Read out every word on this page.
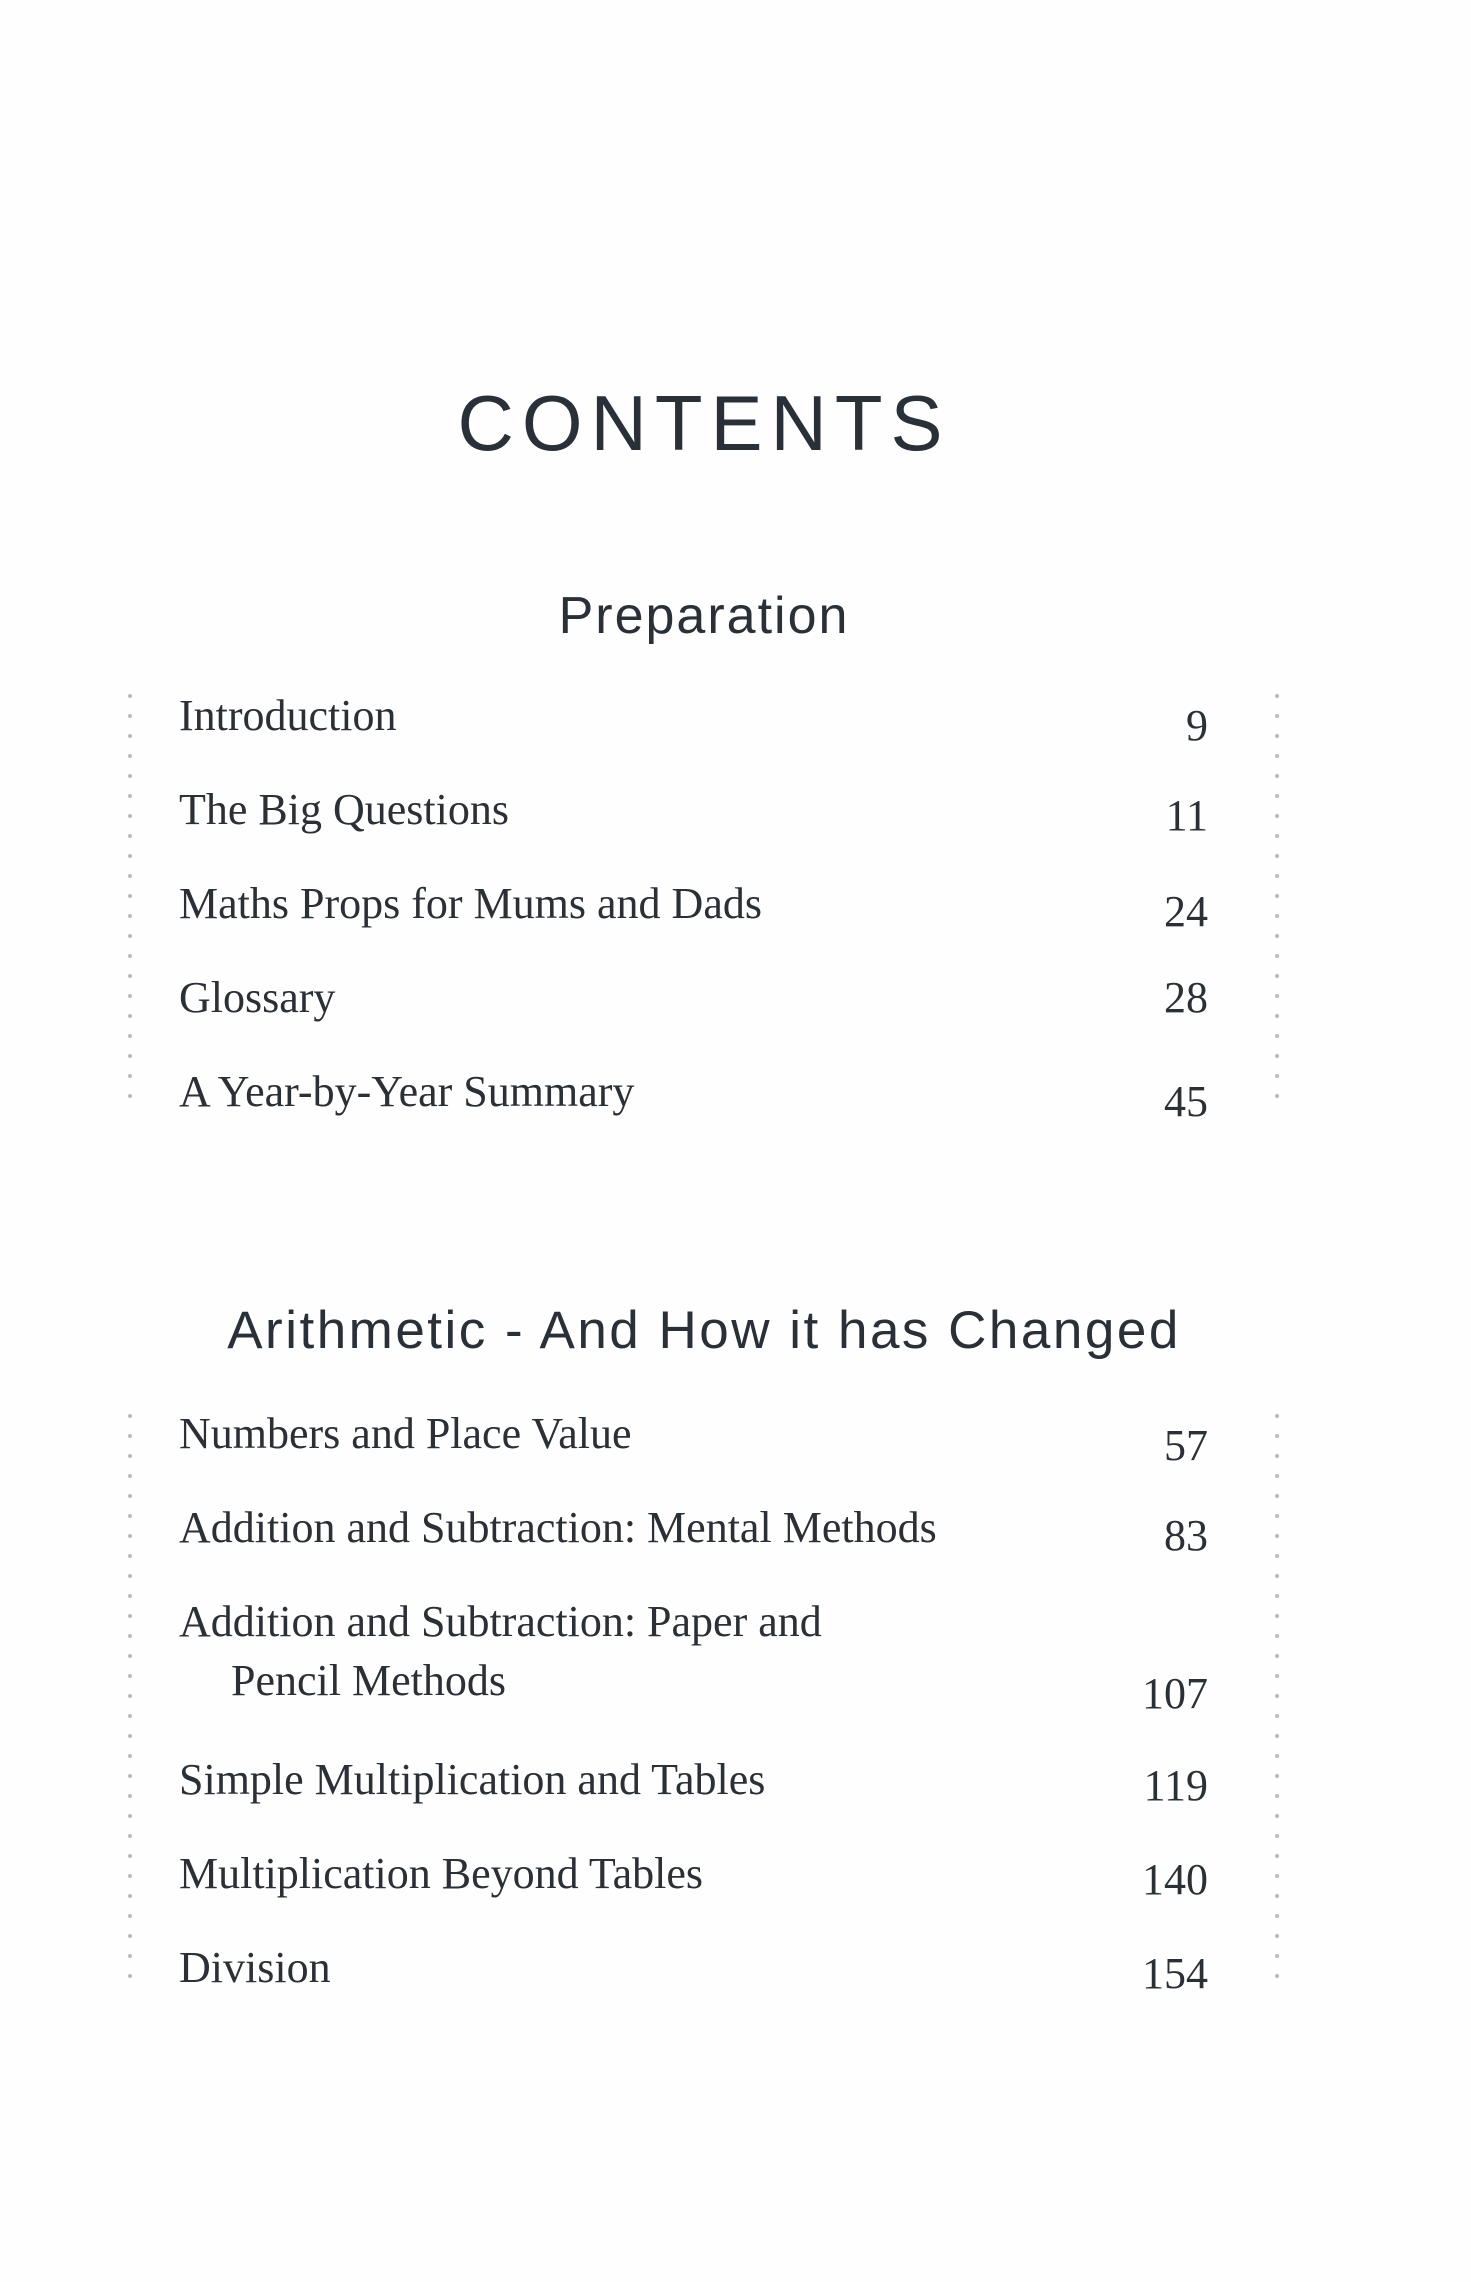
CONTENTS
Preparation
Introduction	9
The Big Questions	11
Maths Props for Mums and Dads	24
Glossary	28
A Year-by-Year Summary	45
Arithmetic - And How it has Changed
Numbers and Place Value	57
Addition and Subtraction: Mental Methods	83
Addition and Subtraction: Paper and
Pencil Methods	107
Simple Multiplication and Tables	119
Multiplication Beyond Tables	140
Division	154
